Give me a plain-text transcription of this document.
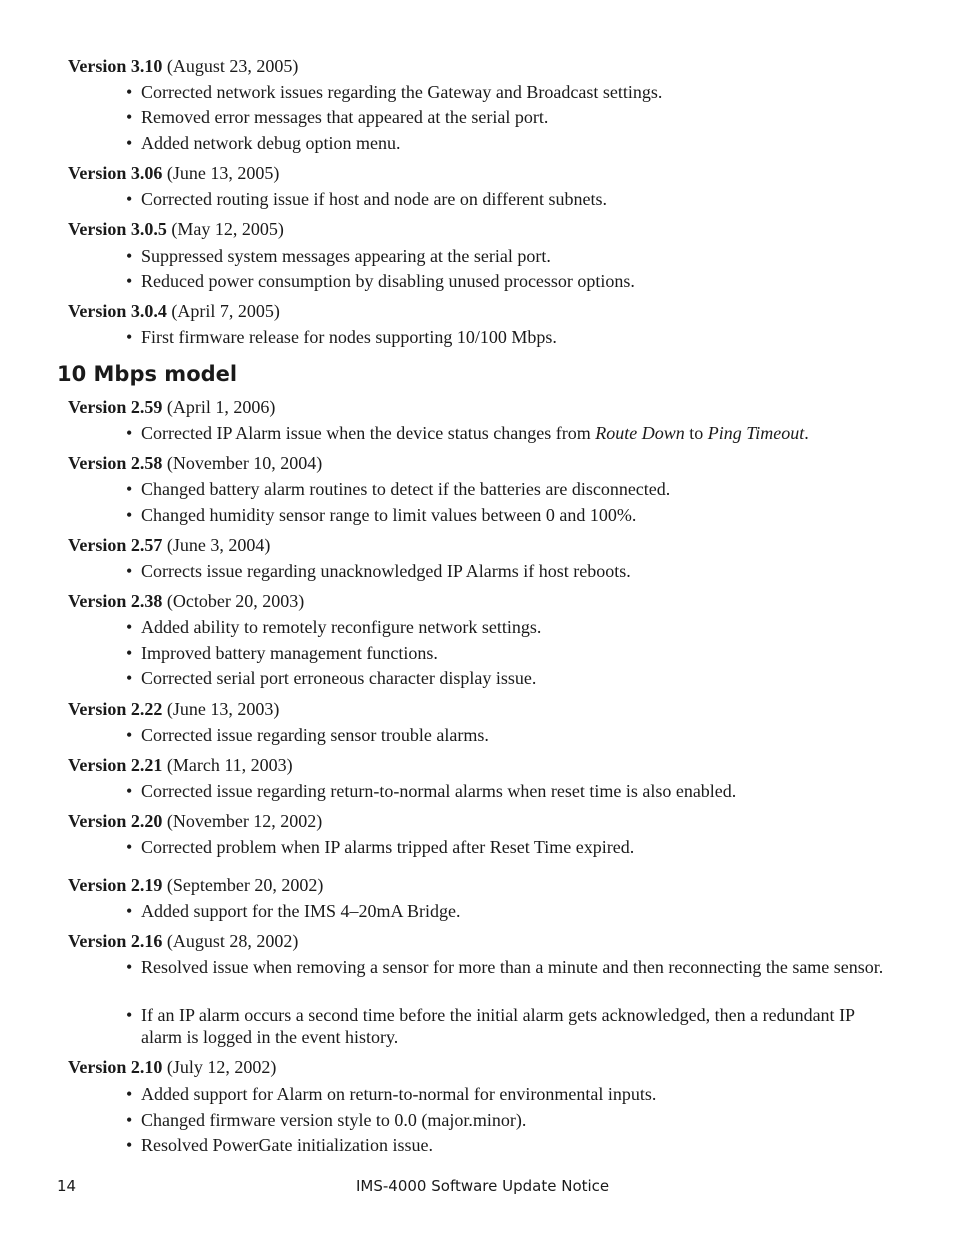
Version 3.10 (August 23, 2005)
• Corrected network issues regarding the Gateway and Broadcast settings.
• Removed error messages that appeared at the serial port.
• Added network debug option menu.
Version 3.06 (June 13, 2005)
• Corrected routing issue if host and node are on different subnets.
Version 3.0.5 (May 12, 2005)
• Suppressed system messages appearing at the serial port.
• Reduced power consumption by disabling unused processor options.
Version 3.0.4 (April 7, 2005)
• First firmware release for nodes supporting 10/100 Mbps.
10 Mbps model
Version 2.59 (April 1, 2006)
• Corrected IP Alarm issue when the device status changes from Route Down to Ping Timeout.
Version 2.58 (November 10, 2004)
• Changed battery alarm routines to detect if the batteries are disconnected.
• Changed humidity sensor range to limit values between 0 and 100%.
Version 2.57 (June 3, 2004)
• Corrects issue regarding unacknowledged IP Alarms if host reboots.
Version 2.38 (October 20, 2003)
• Added ability to remotely reconfigure network settings.
• Improved battery management functions.
• Corrected serial port erroneous character display issue.
Version 2.22 (June 13, 2003)
• Corrected issue regarding sensor trouble alarms.
Version 2.21 (March 11, 2003)
• Corrected issue regarding return-to-normal alarms when reset time is also enabled.
Version 2.20 (November 12, 2002)
• Corrected problem when IP alarms tripped after Reset Time expired.
Version 2.19 (September 20, 2002)
• Added support for the IMS 4–20mA Bridge.
Version 2.16 (August 28, 2002)
• Resolved issue when removing a sensor for more than a minute and then reconnecting the same sensor.
• If an IP alarm occurs a second time before the initial alarm gets acknowledged, then a redundant IP alarm is logged in the event history.
Version 2.10 (July 12, 2002)
• Added support for Alarm on return-to-normal for environmental inputs.
• Changed firmware version style to 0.0 (major.minor).
• Resolved PowerGate initialization issue.
14	IMS-4000 Software Update Notice
